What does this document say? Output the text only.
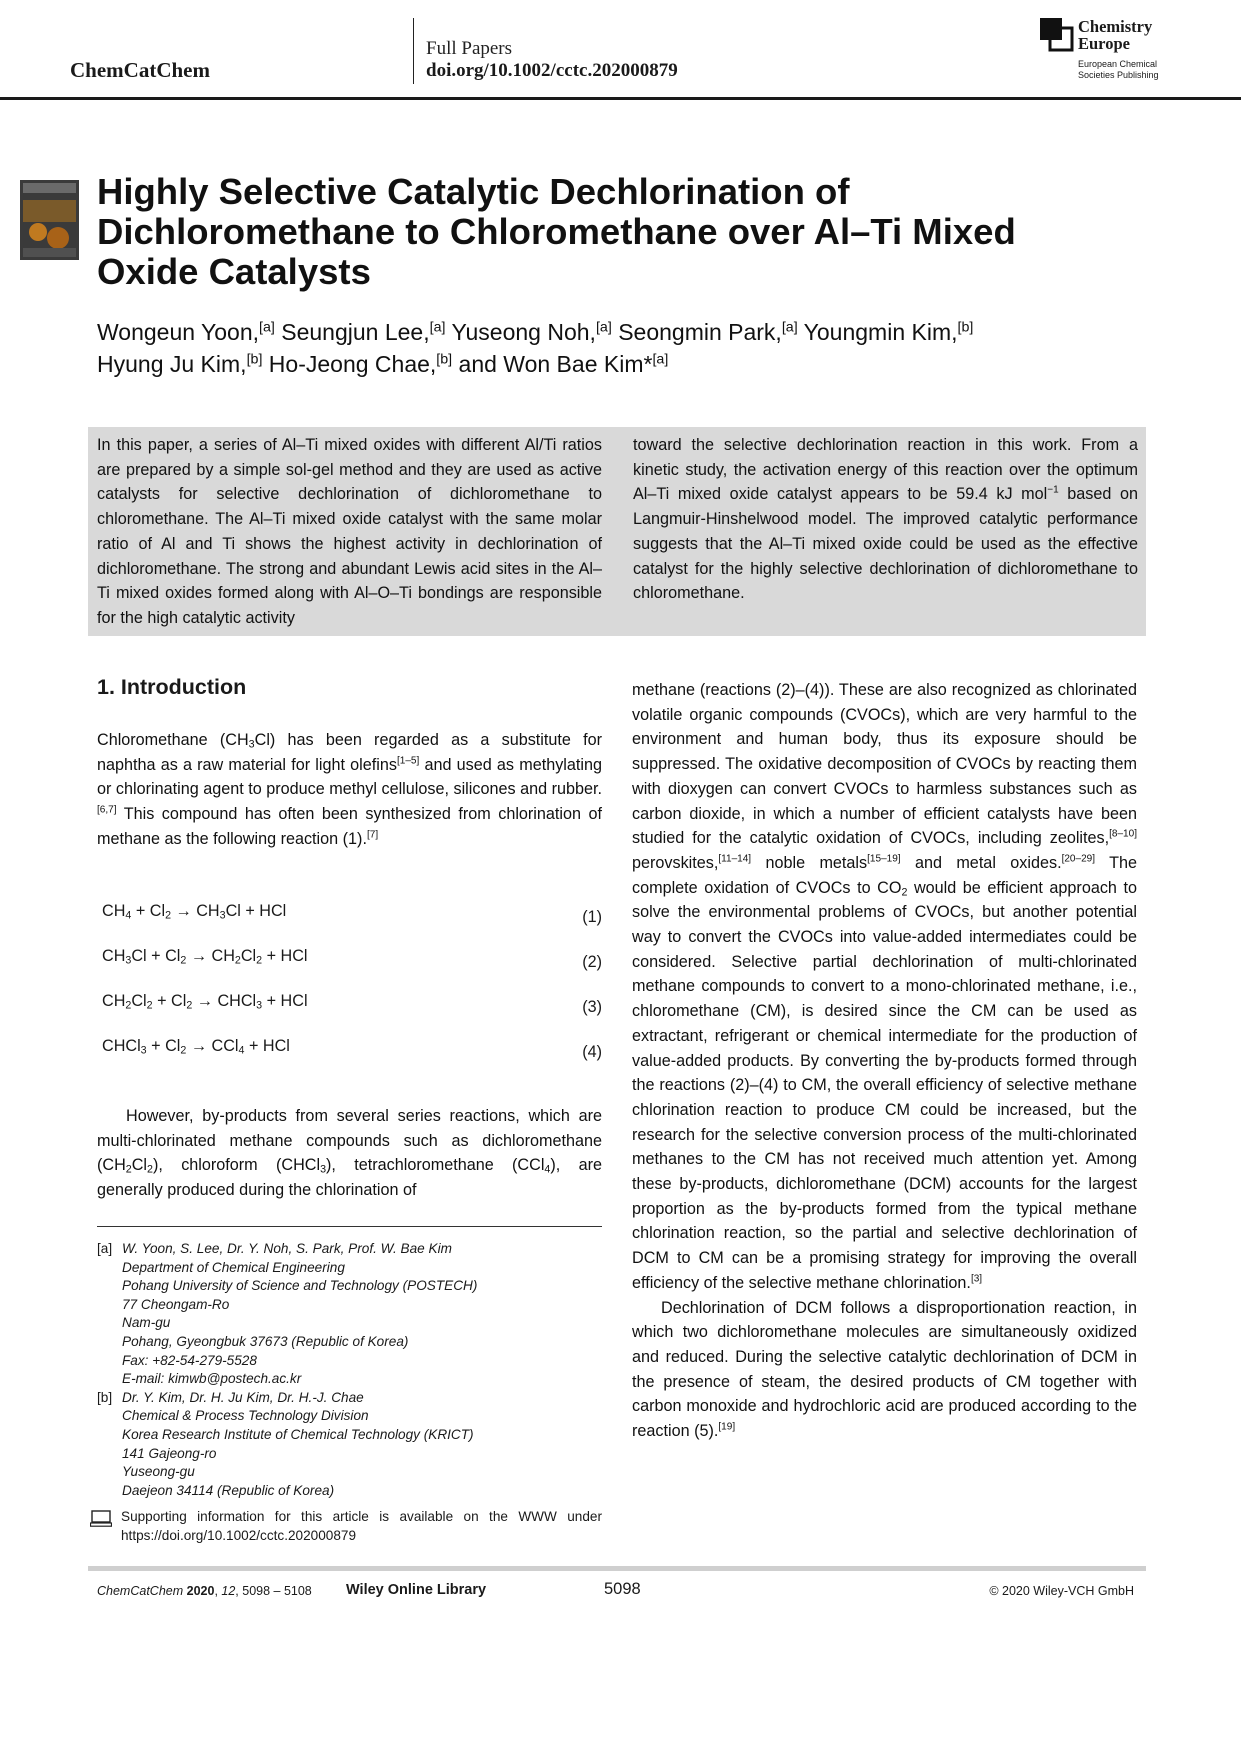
ChemCatChem
Full Papers
doi.org/10.1002/cctc.202000879
Chemistry
Europe
European Chemical
Societies Publishing
Highly Selective Catalytic Dechlorination of Dichloromethane to Chloromethane over Al–Ti Mixed Oxide Catalysts
Wongeun Yoon,[a] Seungjun Lee,[a] Yuseong Noh,[a] Seongmin Park,[a] Youngmin Kim,[b]
Hyung Ju Kim,[b] Ho-Jeong Chae,[b] and Won Bae Kim*[a]
In this paper, a series of Al–Ti mixed oxides with different Al/Ti ratios are prepared by a simple sol-gel method and they are used as active catalysts for selective dechlorination of dichloromethane to chloromethane. The Al–Ti mixed oxide catalyst with the same molar ratio of Al and Ti shows the highest activity in dechlorination of dichloromethane. The strong and abundant Lewis acid sites in the Al–Ti mixed oxides formed along with Al–O–Ti bondings are responsible for the high catalytic activity
toward the selective dechlorination reaction in this work. From a kinetic study, the activation energy of this reaction over the optimum Al–Ti mixed oxide catalyst appears to be 59.4 kJ mol$^{-1}$ based on Langmuir-Hinshelwood model. The improved catalytic performance suggests that the Al–Ti mixed oxide could be used as the effective catalyst for the highly selective dechlorination of dichloromethane to chloromethane.
1. Introduction

Chloromethane $(CH_3Cl)$ has been regarded as a substitute for naphtha as a raw material for light olefins[1–5] and used as methylating or chlorinating agent to produce methyl cellulose, silicones and rubber.[6,7] This compound has often been synthesized from chlorination of methane as the following reaction (1).[7]

$CH_4 + Cl_2 \to CH_3Cl$ + HCl	(1)
$CH_3Cl + Cl_2 \to CH_2Cl_2$ + HCl	(2)
$CH_2Cl_2 + Cl_2$ → CHCl$_3$ + HCl	(3)
CHCl$_3$ + $Cl_2 \to CCl_4$ + HCl	(4)

However, by-products from several series reactions, which are multi-chlorinated methane compounds such as dichloromethane $(CH_2Cl_2)$, chloroform (CHCl$_3$), tetrachloromethane (CCl$_4$), are generally produced during the chlorination of

[a] W. Yoon, S. Lee, Dr. Y. Noh, S. Park, Prof. W. Bae Kim
Department of Chemical Engineering
Pohang University of Science and Technology (POSTECH)
77 Cheongam-Ro
Nam-gu
Pohang, Gyeongbuk 37673 (Republic of Korea)
Fax: +82-54-279-5528
E-mail: kimwb@postech.ac.kr
[b] Dr. Y. Kim, Dr. H. Ju Kim, Dr. H.-J. Chae
Chemical & Process Technology Division
Korea Research Institute of Chemical Technology (KRICT)
141 Gajeong-ro
Yuseong-gu
Daejeon 34114 (Republic of Korea)
Supporting information for this article is available on the WWW under https://doi.org/10.1002/cctc.202000879

methane (reactions (2)–(4)). These are also recognized as chlorinated volatile organic compounds (CVOCs), which are very harmful to the environment and human body, thus its exposure should be suppressed. The oxidative decomposition of CVOCs by reacting them with dioxygen can convert CVOCs to harmless substances such as carbon dioxide, in which a number of efficient catalysts have been studied for the catalytic oxidation of CVOCs, including zeolites,[8–10] perovskites,[11–14] noble metals[15–19] and metal oxides.[20–29] The complete oxidation of CVOCs to $CO_2$ would be efficient approach to solve the environmental problems of CVOCs, but another potential way to convert the CVOCs into value-added intermediates could be considered. Selective partial dechlorination of multi-chlorinated methane compounds to convert to a mono-chlorinated methane, i.e., chloromethane (CM), is desired since the CM can be used as extractant, refrigerant or chemical intermediate for the production of value-added products. By converting the by-products formed through the reactions (2)–(4) to CM, the overall efficiency of selective methane chlorination reaction to produce CM could be increased, but the research for the selective conversion process of the multi-chlorinated methanes to the CM has not received much attention yet. Among these by-products, dichloromethane (DCM) accounts for the largest proportion as the by-products formed from the typical methane chlorination reaction, so the partial and selective dechlorination of DCM to CM can be a promising strategy for improving the overall efficiency of the selective methane chlorination.[3]

Dechlorination of DCM follows a disproportionation reaction, in which two dichloromethane molecules are simultaneously oxidized and reduced. During the selective catalytic dechlorination of DCM in the presence of steam, the desired products of CM together with carbon monoxide and hydrochloric acid are produced according to the reaction (5).[19]

ChemCatChem 2020, 12, 5098 – 5108 Wiley Online Library	5098	© 2020 Wiley-VCH GmbH
